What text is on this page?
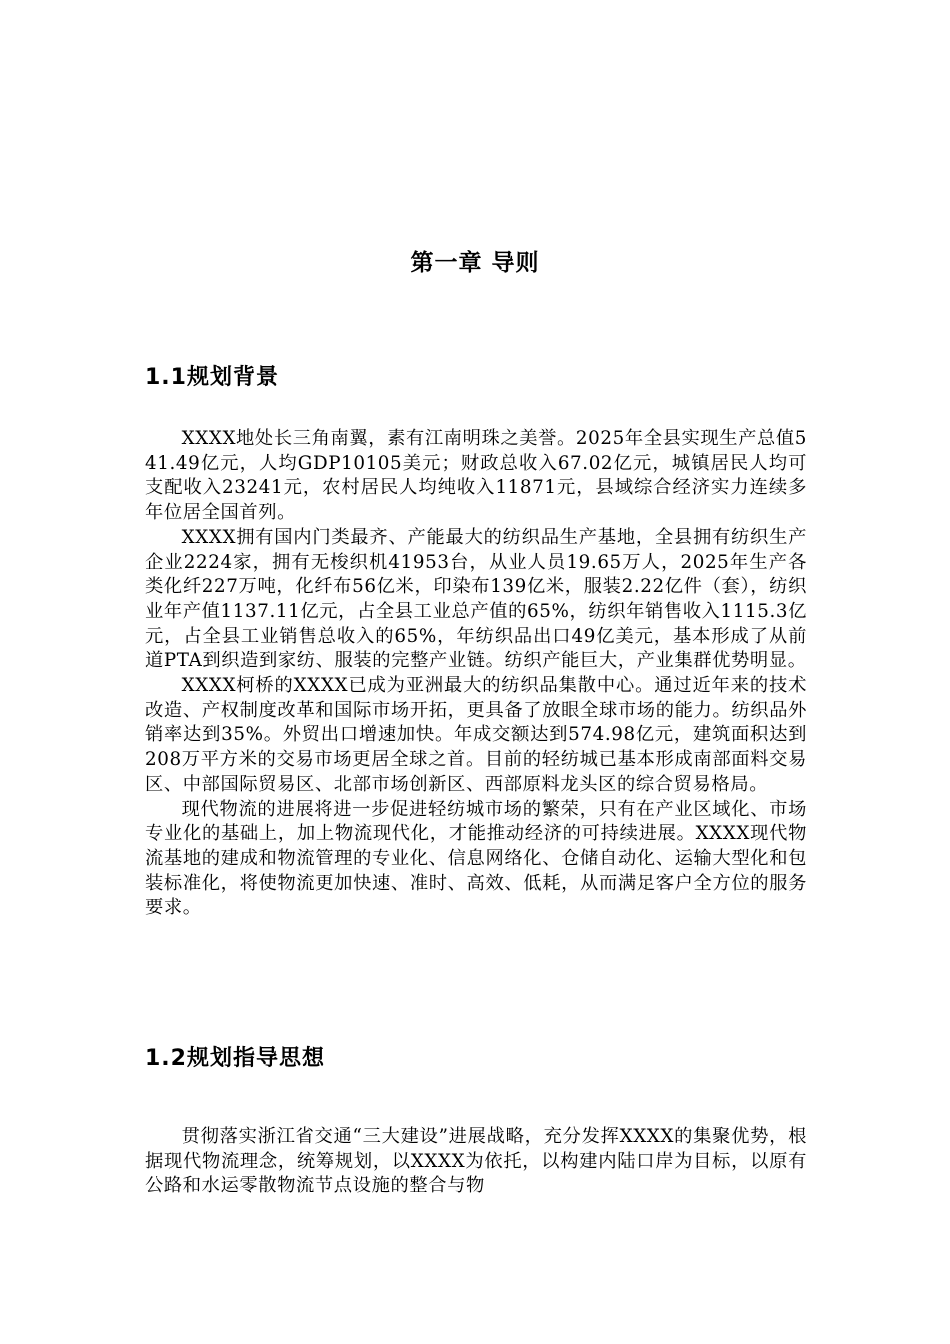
第一章 导则
1.1规划背景

XXXX地处长三角南翼，素有江南明珠之美誉。2025年全县实现生产总值541.49亿元，人均GDP10105美元；财政总收入67.02亿元，城镇居民人均可支配收入23241元，农村居民人均纯收入11871元，县域综合经济实力连续多年位居全国首列。

XXXX拥有国内门类最齐、产能最大的纺织品生产基地，全县拥有纺织生产企业2224家，拥有无梭织机41953台，从业人员19.65万人，2025年生产各类化纤227万吨，化纤布56亿米，印染布139亿米，服装2.22亿件（套），纺织业年产值1137.11亿元，占全县工业总产值的65%，纺织年销售收入1115.3亿元，占全县工业销售总收入的65%，年纺织品出口49亿美元，基本形成了从前道PTA到织造到家纺、服装的完整产业链。纺织产能巨大，产业集群优势明显。

XXXX柯桥的XXXX已成为亚洲最大的纺织品集散中心。通过近年来的技术改造、产权制度改革和国际市场开拓，更具备了放眼全球市场的能力。纺织品外销率达到35%。外贸出口增速加快。年成交额达到574.98亿元，建筑面积达到208万平方米的交易市场更居全球之首。目前的轻纺城已基本形成南部面料交易区、中部国际贸易区、北部市场创新区、西部原料龙头区的综合贸易格局。

现代物流的进展将进一步促进轻纺城市场的繁荣，只有在产业区域化、市场专业化的基础上，加上物流现代化，才能推动经济的可持续进展。XXXX现代物流基地的建成和物流管理的专业化、信息网络化、仓储自动化、运输大型化和包装标准化，将使物流更加快速、准时、高效、低耗，从而满足客户全方位的服务要求。

1.2规划指导思想

贯彻落实浙江省交通“三大建设”进展战略，充分发挥XXXX的集聚优势，根据现代物流理念，统筹规划，以XXXX为依托，以构建内陆口岸为目标，以原有公路和水运零散物流节点设施的整合与物
